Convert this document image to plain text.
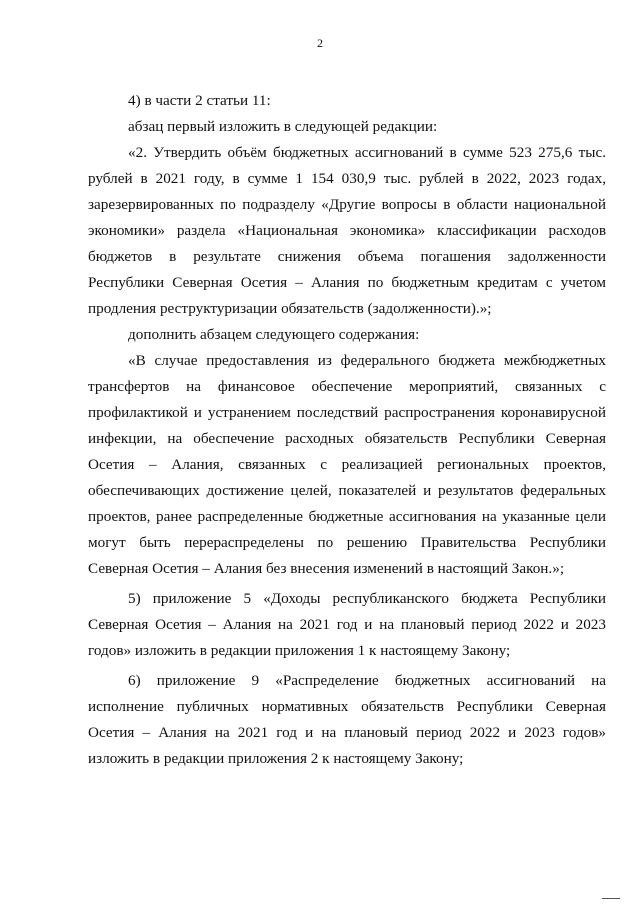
2

4) в части 2 статьи 11:

абзац первый изложить в следующей редакции:

«2. Утвердить объём бюджетных ассигнований в сумме 523 275,6 тыс. рублей в 2021 году, в сумме 1 154 030,9 тыс. рублей в 2022, 2023 годах, зарезервированных по подразделу «Другие вопросы в области национальной экономики» раздела «Национальная экономика» классификации расходов бюджетов в результате снижения объема погашения задолженности Республики Северная Осетия – Алания по бюджетным кредитам с учетом продления реструктуризации обязательств (задолженности).»;

дополнить абзацем следующего содержания:

«В случае предоставления из федерального бюджета межбюджетных трансфертов на финансовое обеспечение мероприятий, связанных с профилактикой и устранением последствий распространения коронавирусной инфекции, на обеспечение расходных обязательств Республики Северная Осетия – Алания, связанных с реализацией региональных проектов, обеспечивающих достижение целей, показателей и результатов федеральных проектов, ранее распределенные бюджетные ассигнования на указанные цели могут быть перераспределены по решению Правительства Республики Северная Осетия – Алания без внесения изменений в настоящий Закон.»;

5) приложение 5 «Доходы республиканского бюджета Республики Северная Осетия – Алания на 2021 год и на плановый период 2022 и 2023 годов» изложить в редакции приложения 1 к настоящему Закону;

6) приложение 9 «Распределение бюджетных ассигнований на исполнение публичных нормативных обязательств Республики Северная Осетия – Алания на 2021 год и на плановый период 2022 и 2023 годов» изложить в редакции приложения 2 к настоящему Закону;
